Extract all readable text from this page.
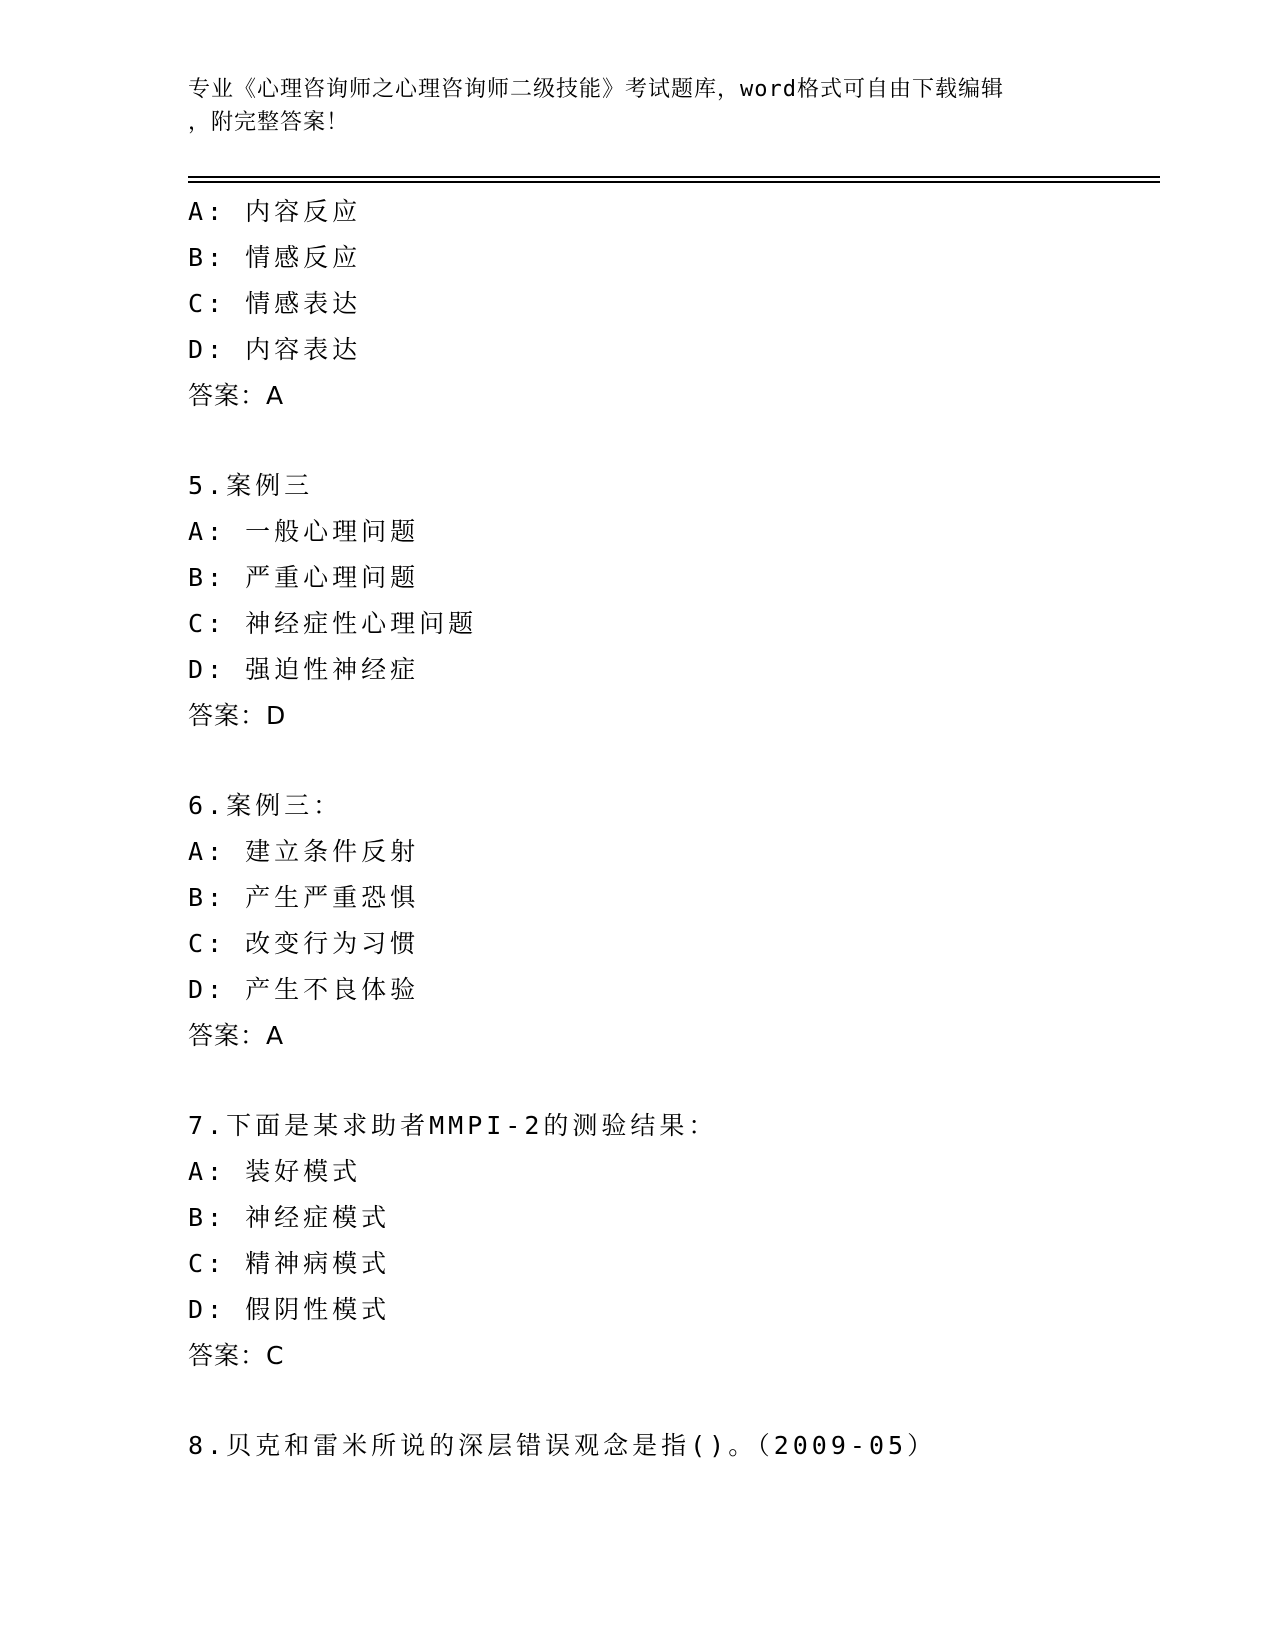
专业《心理咨询师之心理咨询师二级技能》考试题库，word格式可自由下载编辑
，附完整答案！
A: 内容反应
B: 情感反应
C: 情感表达
D: 内容表达
答案：A
5.案例三
A: 一般心理问题
B: 严重心理问题
C: 神经症性心理问题
D: 强迫性神经症
答案：D
6.案例三：
A: 建立条件反射
B: 产生严重恐惧
C: 改变行为习惯
D: 产生不良体验
答案：A
7.下面是某求助者MMPI-2的测验结果：
A: 装好模式
B: 神经症模式
C: 精神病模式
D: 假阴性模式
答案：C
8.贝克和雷米所说的深层错误观念是指()。（2009-05）
